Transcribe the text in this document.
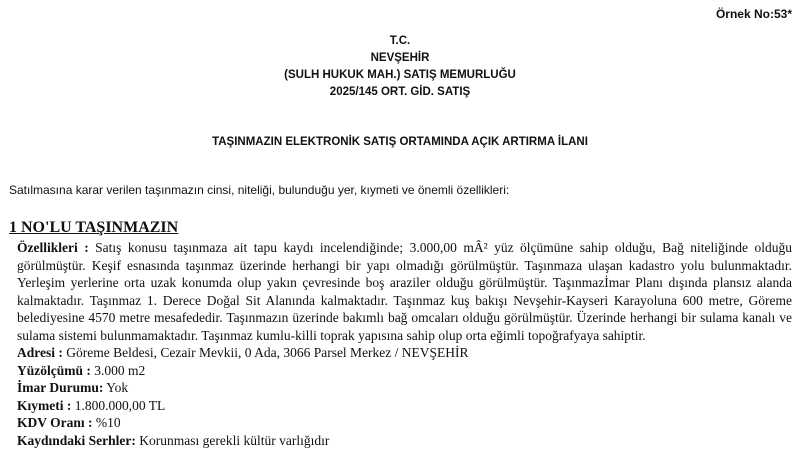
Örnek No:53*
T.C.
NEVŞEHİR
(SULH HUKUK MAH.) SATIŞ MEMURLUĞU
2025/145 ORT. GİD. SATIŞ
TAŞINMAZIN ELEKTRONİK SATIŞ ORTAMINDA AÇIK ARTIRMA İLANI
Satılmasına karar verilen taşınmazın cinsi, niteliği, bulunduğu yer, kıymeti ve önemli özellikleri:
1 NO'LU TAŞINMAZIN

Özellikleri : Satış konusu taşınmaza ait tapu kaydı incelendiğinde; 3.000,00 mÂ² yüz ölçümüne sahip olduğu, Bağ niteliğinde olduğu görülmüştür. Keşif esnasında taşınmaz üzerinde herhangi bir yapı olmadığı görülmüştür. Taşınmaza ulaşan kadastro yolu bulunmaktadır. Yerleşim yerlerine orta uzak konumda olup yakın çevresinde boş araziler olduğu görülmüştür. Taşınmazİmar Planı dışında plansız alanda kalmaktadır. Taşınmaz 1. Derece Doğal Sit Alanında kalmaktadır. Taşınmaz kuş bakışı Nevşehir-Kayseri Karayoluna 600 metre, Göreme belediyesine 4570 metre mesafededir. Taşınmazın üzerinde bakımlı bağ omcaları olduğu görülmüştür. Üzerinde herhangi bir sulama kanalı ve sulama sistemi bulunmamaktadır. Taşınmaz kumlu-killi toprak yapısına sahip olup orta eğimli topoğrafyaya sahiptir.

Adresi : Göreme Beldesi, Cezair Mevkii, 0 Ada, 3066 Parsel Merkez / NEVŞEHİR

Yüzölçümü : 3.000 m2

İmar Durumu: Yok

Kıymeti : 1.800.000,00 TL

KDV Oranı : %10

Kaydındaki Serhler: Korunması gerekli kültür varlığıdır
